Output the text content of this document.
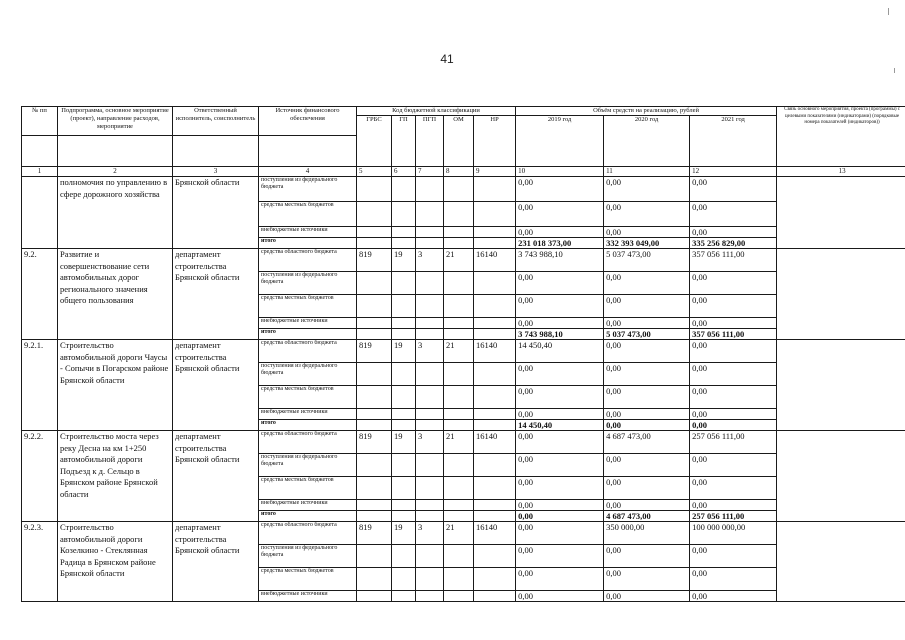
41
№ пп	Подпрограмма, основное мероприятие (проект), направление расходов, мероприятие	Ответственный исполнитель, соисполнитель	Источник финансового обеспечения	Код бюджетной классификации					Объём средств на реализацию, рублей			Связь основного мероприятия, проекта (программы) с целевыми показателями (индикаторами) (порядковые номера показателей (индикаторов))
				ГРБС	ГП	ПГП	ОМ	НР	2019 год	2020 год	2021 год	

1	2	3	4	5	6	7	8	9	10	11	12	13
	полномочия по управлению в сфере дорожного хозяйства	Брянской области	поступления из федерального бюджета						0,00	0,00	0,00	
			средства местных бюджетов						0,00	0,00	0,00	
			внебюджетные источники						0,00	0,00	0,00	
			итого						231 018 373,00	332 393 049,00	335 256 829,00	
9.2.	Развитие и совершенствование сети автомобильных дорог регионального значения общего пользования	департамент строительства Брянской области	средства областного бюджета	819	19	3	21	16140	3 743 988,10	5 037 473,00	357 056 111,00	
			поступления из федерального бюджета						0,00	0,00	0,00	
			средства местных бюджетов						0,00	0,00	0,00	
			внебюджетные источники						0,00	0,00	0,00	
			итого						3 743 988,10	5 037 473,00	357 056 111,00	
9.2.1.	Строительство автомобильной дороги Чаусы - Сопычи в Погарском районе Брянской области	департамент строительства Брянской области	средства областного бюджета	819	19	3	21	16140	14 450,40	0,00	0,00	
			поступления из федерального бюджета						0,00	0,00	0,00	
			средства местных бюджетов						0,00	0,00	0,00	
			внебюджетные источники						0,00	0,00	0,00	
			итого						14 450,40	0,00	0,00	
9.2.2.	Строительство моста через реку Десна на км 1+250 автомобильной дороги Подъезд к д. Сельцо в Брянском районе Брянской области	департамент строительства Брянской области	средства областного бюджета	819	19	3	21	16140	0,00	4 687 473,00	257 056 111,00	
			поступления из федерального бюджета						0,00	0,00	0,00	
			средства местных бюджетов						0,00	0,00	0,00	
			внебюджетные источники						0,00	0,00	0,00	
			итого						0,00	4 687 473,00	257 056 111,00	
9.2.3.	Строительство автомобильной дороги Козелкино - Стеклянная Радица в Брянском районе Брянской области	департамент строительства Брянской области	средства областного бюджета	819	19	3	21	16140	0,00	350 000,00	100 000 000,00	
			поступления из федерального бюджета						0,00	0,00	0,00	
			средства местных бюджетов						0,00	0,00	0,00	
			внебюджетные источники						0,00	0,00	0,00	
